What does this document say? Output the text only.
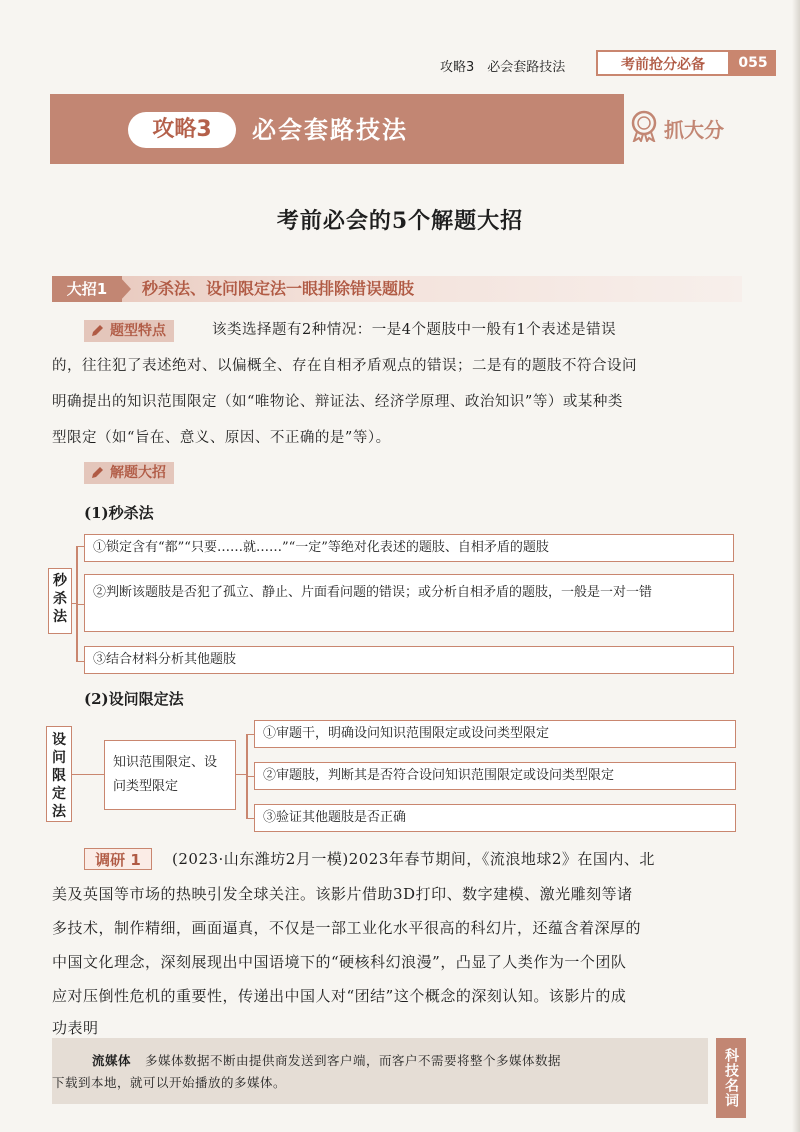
攻略3　必会套路技法	考前抢分必备	055
攻略3	必会套路技法	抓大分
考前必会的5个解题大招
大招1	秒杀法、设问限定法一眼排除错误题肢
题型特点	该类选择题有2种情况：一是4个题肢中一般有1个表述是错误
的，往往犯了表述绝对、以偏概全、存在自相矛盾观点的错误；二是有的题肢不符合设问
明确提出的知识范围限定（如“唯物论、辩证法、经济学原理、政治知识”等）或某种类
型限定（如“旨在、意义、原因、不正确的是”等）。
解题大招
(1)秒杀法
秒杀法
①锁定含有“都”“只要……就……”“一定”等绝对化表述的题肢、自相矛盾的题肢
②判断该题肢是否犯了孤立、静止、片面看问题的错误；或分析自相矛盾的题肢，一般是一对一错
③结合材料分析其他题肢
(2)设问限定法
设问限定法
知识范围限定、设问类型限定
①审题干，明确设问知识范围限定或设问类型限定
②审题肢，判断其是否符合设问知识范围限定或设问类型限定
③验证其他题肢是否正确
调研 1	(2023·山东潍坊2月一模)2023年春节期间，《流浪地球2》在国内、北
美及英国等市场的热映引发全球关注。该影片借助3D打印、数字建模、激光雕刻等诸
多技术，制作精细，画面逼真，不仅是一部工业化水平很高的科幻片，还蕴含着深厚的
中国文化理念，深刻展现出中国语境下的“硬核科幻浪漫”，凸显了人类作为一个团队
应对压倒性危机的重要性，传递出中国人对“团结”这个概念的深刻认知。该影片的成
功表明
流媒体 多媒体数据不断由提供商发送到客户端，而客户不需要将整个多媒体数据
下载到本地，就可以开始播放的多媒体。	科技名词
